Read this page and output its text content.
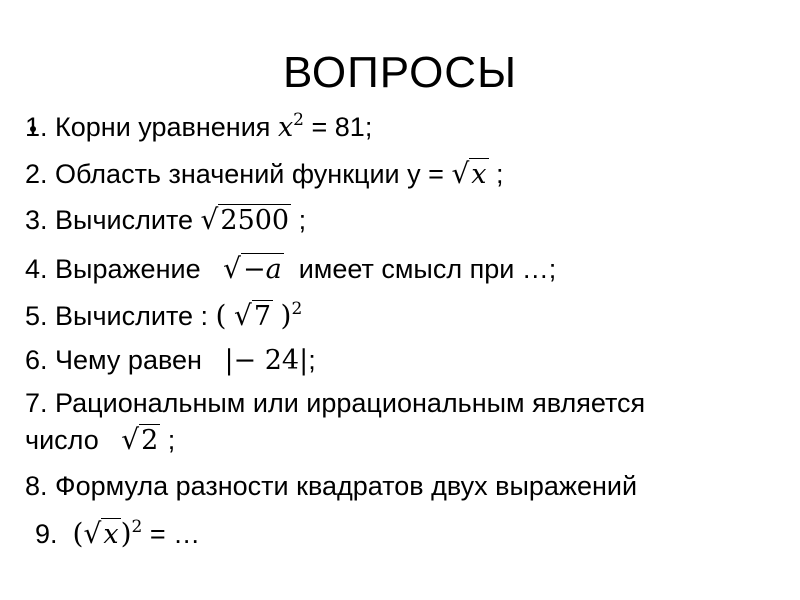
ВОПРОСЫ
1. Корни уравнения $x^2 = 81$;
2. Область значений функции y = √x ;
3. Вычислите √2500 ;
4. Выражение √−a имеет смысл при …;
5. Вычислите : ( √7 )$^2$
6. Чему равен |− 24|;
7. Рациональным или иррациональным является
число √2 ;
8. Формула разности квадратов двух выражений
9. $(√x)^2$ = …
